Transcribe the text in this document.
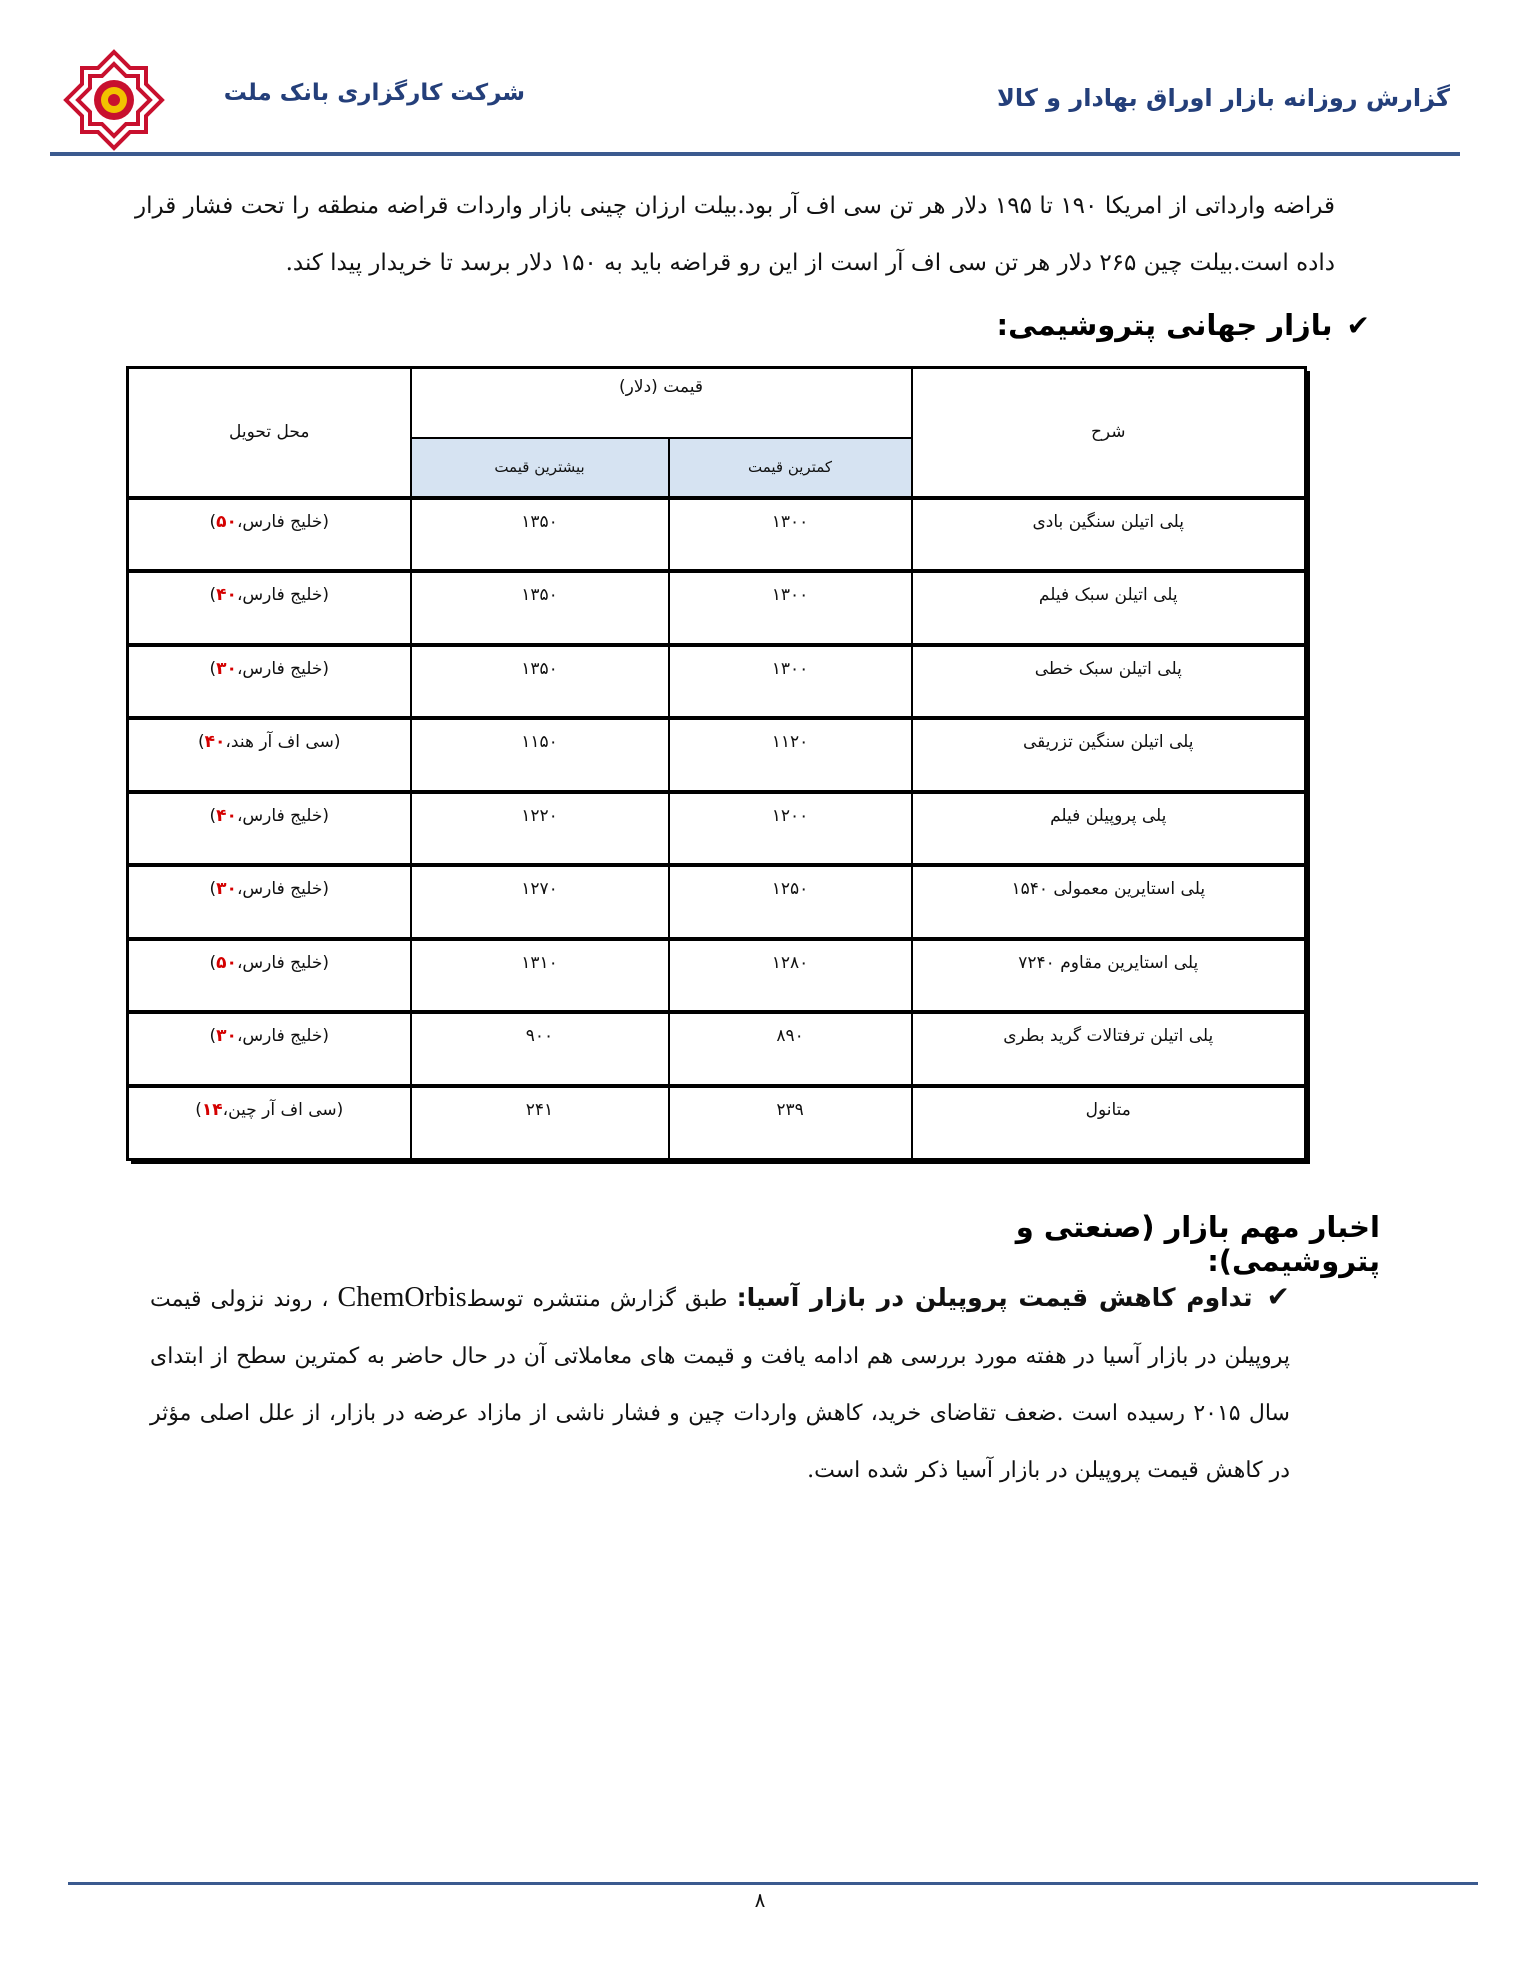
شرکت کارگزاری بانک ملت	گزارش روزانه بازار اوراق بهادار و کالا
قراضه وارداتی از امریکا ۱۹۰ تا ۱۹۵ دلار هر تن سی اف آر بود.بیلت ارزان چینی بازار واردات قراضه منطقه را تحت فشار قرار داده است.بیلت چین ۲۶۵ دلار هر تن سی اف آر است از این رو قراضه باید به ۱۵۰ دلار برسد تا خریدار پیدا کند.
✔بازار جهانی پتروشیمی:
شرح	قیمت (دلار)		محل تحویل
	کمترین قیمت	بیشترین قیمت	
پلی اتیلن سنگین بادی	۱۳۰۰	۱۳۵۰	(خلیج فارس،۵۰)
پلی اتیلن سبک فیلم	۱۳۰۰	۱۳۵۰	(خلیج فارس،۴۰)
پلی اتیلن سبک خطی	۱۳۰۰	۱۳۵۰	(خلیج فارس،۳۰)
پلی اتیلن سنگین تزریقی	۱۱۲۰	۱۱۵۰	(سی اف آر هند،۴۰)
پلی پروپیلن فیلم	۱۲۰۰	۱۲۲۰	(خلیج فارس،۴۰)
پلی استایرین معمولی ۱۵۴۰	۱۲۵۰	۱۲۷۰	(خلیج فارس،۳۰)
پلی استایرین مقاوم ۷۲۴۰	۱۲۸۰	۱۳۱۰	(خلیج فارس،۵۰)
پلی اتیلن ترفتالات گرید بطری	۸۹۰	۹۰۰	(خلیج فارس،۳۰)
متانول	۲۳۹	۲۴۱	(سی اف آر چین،۱۴)
اخبار مهم بازار (صنعتی و پتروشیمی):
✔تداوم کاهش قیمت پروپیلن در بازار آسیا: طبق گزارش منتشره توسطChemOrbis ، روند نزولی قیمت پروپیلن در بازار آسیا در هفته مورد بررسی هم ادامه یافت و قیمت های معاملاتی آن در حال حاضر به کمترین سطح از ابتدای سال ۲۰۱۵ رسیده است .ضعف تقاضای خرید، کاهش واردات چین و فشار ناشی از مازاد عرضه در بازار، از علل اصلی مؤثر در کاهش قیمت پروپیلن در بازار آسیا ذکر شده است.
۸
